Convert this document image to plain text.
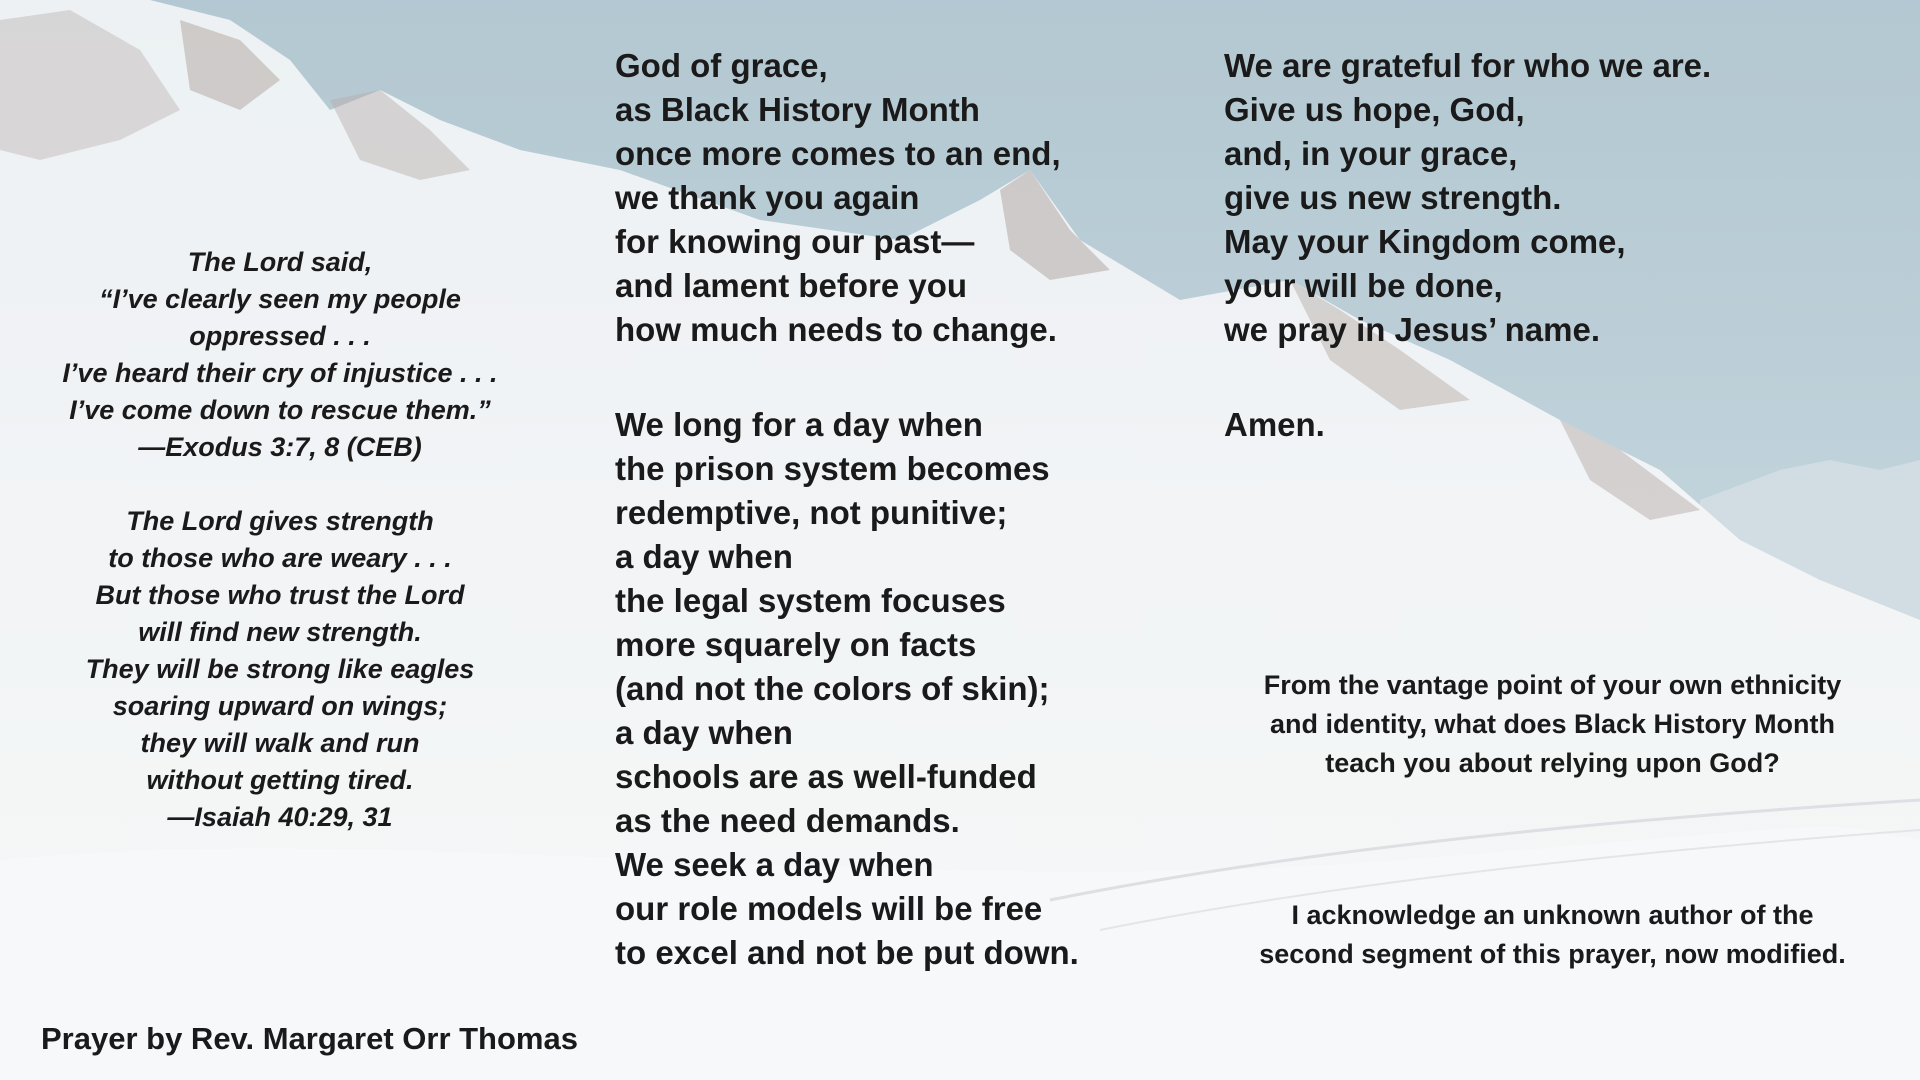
The Lord said,
“I’ve clearly seen my people
oppressed . . .
I’ve heard their cry of injustice . . .
I’ve come down to rescue them.”
—Exodus 3:7, 8 (CEB)
The Lord gives strength
to those who are weary . . .
But those who trust the Lord
will find new strength.
They will be strong like eagles
soaring upward on wings;
they will walk and run
without getting tired.
—Isaiah 40:29, 31
God of grace,
as Black History Month
once more comes to an end,
we thank you again
for knowing our past—
and lament before you
how much needs to change.
We long for a day when
the prison system becomes
redemptive, not punitive;
a day when
the legal system focuses
more squarely on facts
(and not the colors of skin);
a day when
schools are as well-funded
as the need demands.
We seek a day when
our role models will be free
to excel and not be put down.
We are grateful for who we are.
Give us hope, God,
and, in your grace,
give us new strength.
May your Kingdom come,
your will be done,
we pray in Jesus’ name.
Amen.
From the vantage point of your own ethnicity
and identity, what does Black History Month
teach you about relying upon God?
I acknowledge an unknown author of the
second segment of this prayer, now modified.
Prayer by Rev. Margaret Orr Thomas
